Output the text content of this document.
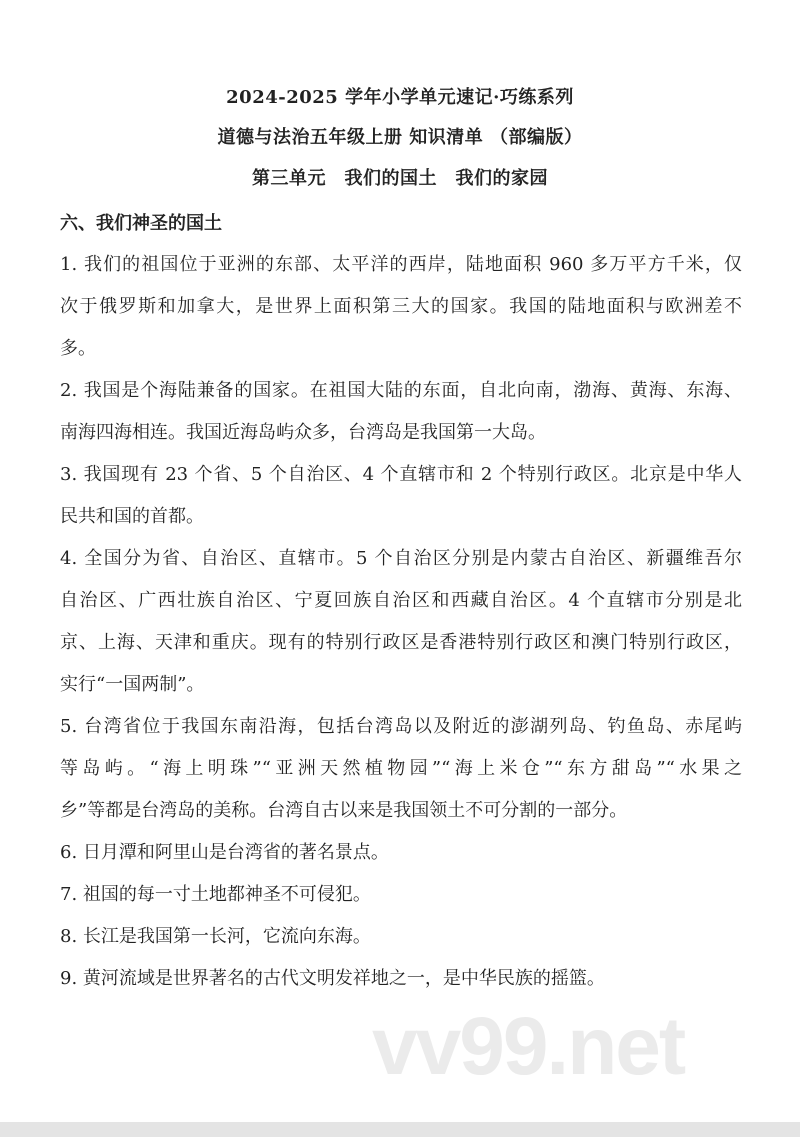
2024-2025 学年小学单元速记·巧练系列
道德与法治五年级上册 知识清单 （部编版）
第三单元　我们的国土　我们的家园
六、我们神圣的国土
1. 我们的祖国位于亚洲的东部、太平洋的西岸，陆地面积 960 多万平方千米，仅
次于俄罗斯和加拿大，是世界上面积第三大的国家。我国的陆地面积与欧洲差不
多。
2. 我国是个海陆兼备的国家。在祖国大陆的东面，自北向南，渤海、黄海、东海、
南海四海相连。我国近海岛屿众多，台湾岛是我国第一大岛。
3. 我国现有 23 个省、5 个自治区、4 个直辖市和 2 个特别行政区。北京是中华人
民共和国的首都。
4. 全国分为省、自治区、直辖市。5 个自治区分别是内蒙古自治区、新疆维吾尔
自治区、广西壮族自治区、宁夏回族自治区和西藏自治区。4 个直辖市分别是北
京、上海、天津和重庆。现有的特别行政区是香港特别行政区和澳门特别行政区，
实行“一国两制”。
5. 台湾省位于我国东南沿海，包括台湾岛以及附近的澎湖列岛、钓鱼岛、赤尾屿
等岛屿。“海上明珠”“亚洲天然植物园”“海上米仓”“东方甜岛”“水果之
乡”等都是台湾岛的美称。台湾自古以来是我国领土不可分割的一部分。
6. 日月潭和阿里山是台湾省的著名景点。
7. 祖国的每一寸土地都神圣不可侵犯。
8. 长江是我国第一长河，它流向东海。
9. 黄河流域是世界著名的古代文明发祥地之一，是中华民族的摇篮。
vv99.net
